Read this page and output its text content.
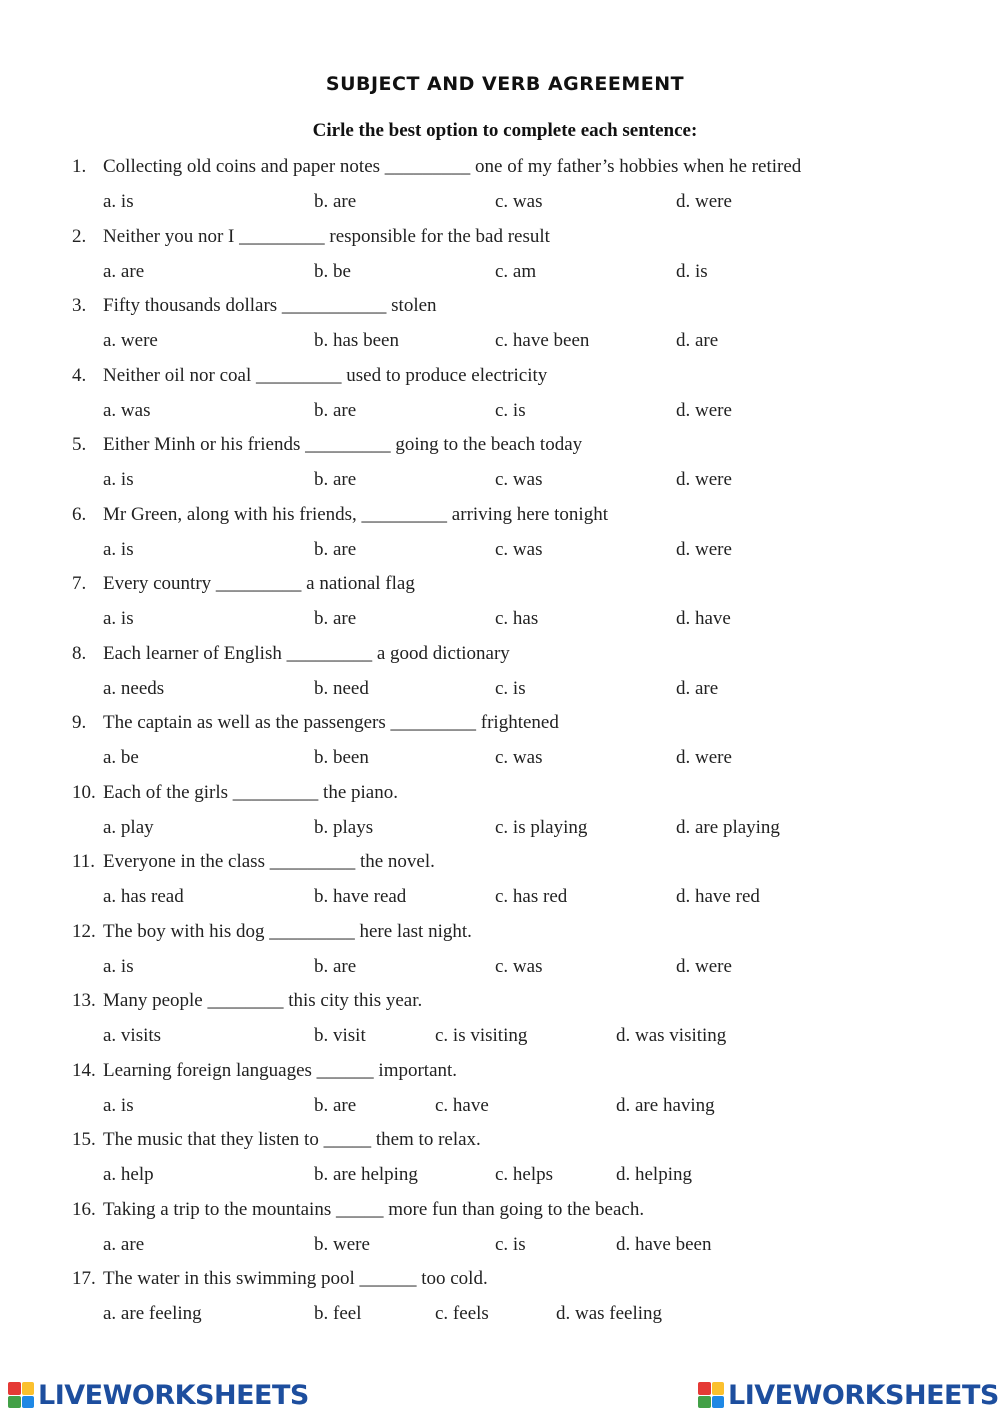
SUBJECT AND VERB AGREEMENT
Cirle the best option to complete each sentence:
1. Collecting old coins and paper notes _________ one of my father’s hobbies when he retired
a. is	b. are	c. was	d. were
2. Neither you nor I _________ responsible for the bad result
a. are	b. be	c. am	d. is
3. Fifty thousands dollars ___________ stolen
a. were	b. has been	c. have been	d. are
4. Neither oil nor coal _________ used to produce electricity
a. was	b. are	c. is	d. were
5. Either Minh or his friends _________ going to the beach today
a. is	b. are	c. was	d. were
6. Mr Green, along with his friends, _________ arriving here tonight
a. is	b. are	c. was	d. were
7. Every country _________ a national flag
a. is	b. are	c. has	d. have
8. Each learner of English _________ a good dictionary
a. needs	b. need	c. is	d. are
9. The captain as well as the passengers _________ frightened
a. be	b. been	c. was	d. were
10. Each of the girls _________ the piano.
a. play	b. plays	c. is playing	d. are playing
11. Everyone in the class _________ the novel.
a. has read	b. have read	c. has red	d. have red
12. The boy with his dog _________ here last night.
a. is	b. are	c. was	d. were
13. Many people ________ this city this year.
a. visits	b. visit	c. is visiting	d. was visiting
14. Learning foreign languages ______ important.
a. is	b. are	c. have	d. are having
15. The music that they listen to _____ them to relax.
a. help	b. are helping	c. helps	d. helping
16. Taking a trip to the mountains _____ more fun than going to the beach.
a. are	b. were	c. is	d. have been
17. The water in this swimming pool ______ too cold.
a. are feeling	b. feel	c. feels	d. was feeling
LIVEWORKSHEETS	LIVEWORKSHEETS
